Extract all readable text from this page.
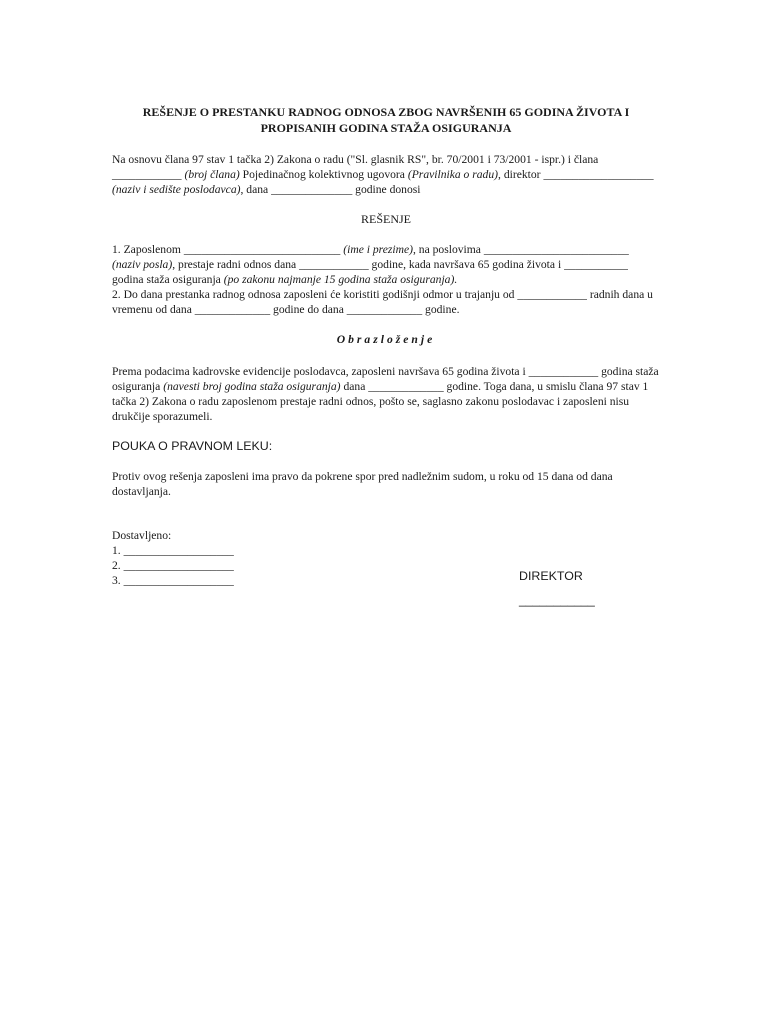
REŠENJE O PRESTANKU RADNOG ODNOSA ZBOG NAVRŠENIH 65 GODINA ŽIVOTA I
PROPISANIH GODINA STAŽA OSIGURANJA

Na osnovu člana 97 stav 1 tačka 2) Zakona o radu ("Sl. glasnik RS", br. 70/2001 i 73/2001 - ispr.) i člana ____________ (broj člana) Pojedinačnog kolektivnog ugovora (Pravilnika o radu), direktor ___________________ (naziv i sedište poslodavca), dana ______________ godine donosi

REŠENJE

1. Zaposlenom ___________________________ (ime i prezime), na poslovima _________________________ (naziv posla), prestaje radni odnos dana ____________ godine, kada navršava 65 godina života i ___________ godina staža osiguranja (po zakonu najmanje 15 godina staža osiguranja).

2. Do dana prestanka radnog odnosa zaposleni će koristiti godišnji odmor u trajanju od ____________ radnih dana u vremenu od dana _____________ godine do dana _____________ godine.

Obrazloženje

Prema podacima kadrovske evidencije poslodavca, zaposleni navršava 65 godina života i ____________ godina staža osiguranja (navesti broj godina staža osiguranja) dana _____________ godine. Toga dana, u smislu člana 97 stav 1 tačka 2) Zakona o radu zaposlenom prestaje radni odnos, pošto se, saglasno zakonu poslodavac i zaposleni nisu drukčije sporazumeli.

POUKA O PRAVNOM LEKU:

Protiv ovog rešenja zaposleni ima pravo da pokrene spor pred nadležnim sudom, u roku od 15 dana od dana dostavljanja.

Dostavljeno:
1. ___________________
2. ___________________
3. ___________________	DIREKTOR
___________
